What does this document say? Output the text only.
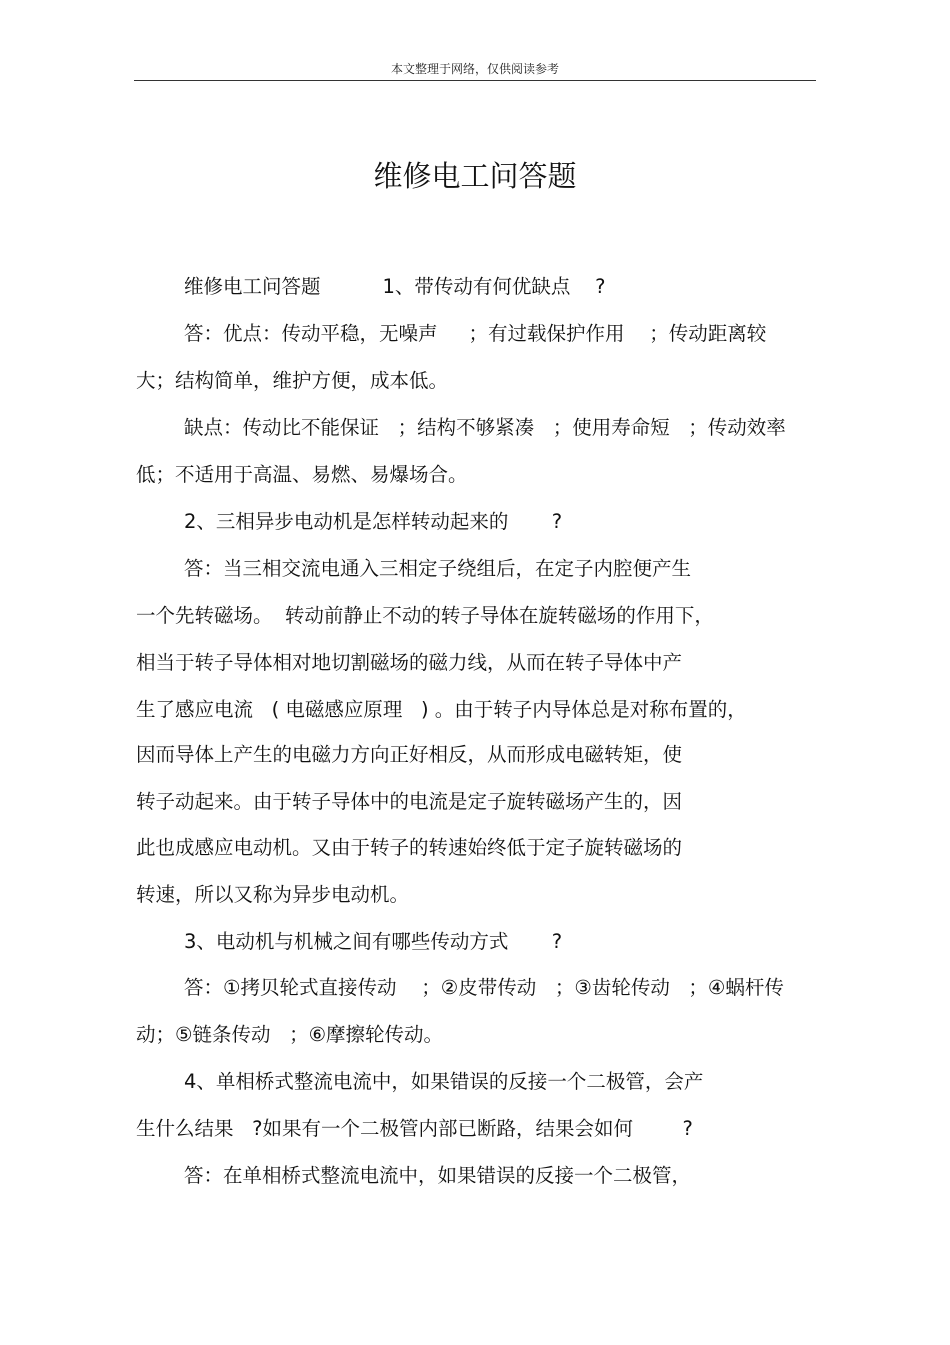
本文整理于网络，仅供阅读参考
维修电工问答题
维修电工问答题          1、带传动有何优缺点    ?
答：优点：传动平稳，无噪声     ；有过载保护作用    ；传动距离较
大；结构简单，维护方便，成本低。
缺点：传动比不能保证   ；结构不够紧凑   ；使用寿命短   ；传动效率
低；不适用于高温、易燃、易爆场合。
2、三相异步电动机是怎样转动起来的       ?
答：当三相交流电通入三相定子绕组后，在定子内腔便产生
一个先转磁场。  转动前静止不动的转子导体在旋转磁场的作用下，
相当于转子导体相对地切割磁场的磁力线，从而在转子导体中产
生了感应电流   ( 电磁感应原理   ) 。由于转子内导体总是对称布置的，
因而导体上产生的电磁力方向正好相反，从而形成电磁转矩，使
转子动起来。由于转子导体中的电流是定子旋转磁场产生的，因
此也成感应电动机。又由于转子的转速始终低于定子旋转磁场的
转速，所以又称为异步电动机。
3、电动机与机械之间有哪些传动方式       ?
答：①拷贝轮式直接传动    ；②皮带传动   ；③齿轮传动   ；④蜗杆传
动；⑤链条传动   ；⑥摩擦轮传动。
4、单相桥式整流电流中，如果错误的反接一个二极管，会产
生什么结果   ?如果有一个二极管内部已断路，结果会如何        ?
答：在单相桥式整流电流中，如果错误的反接一个二极管，
